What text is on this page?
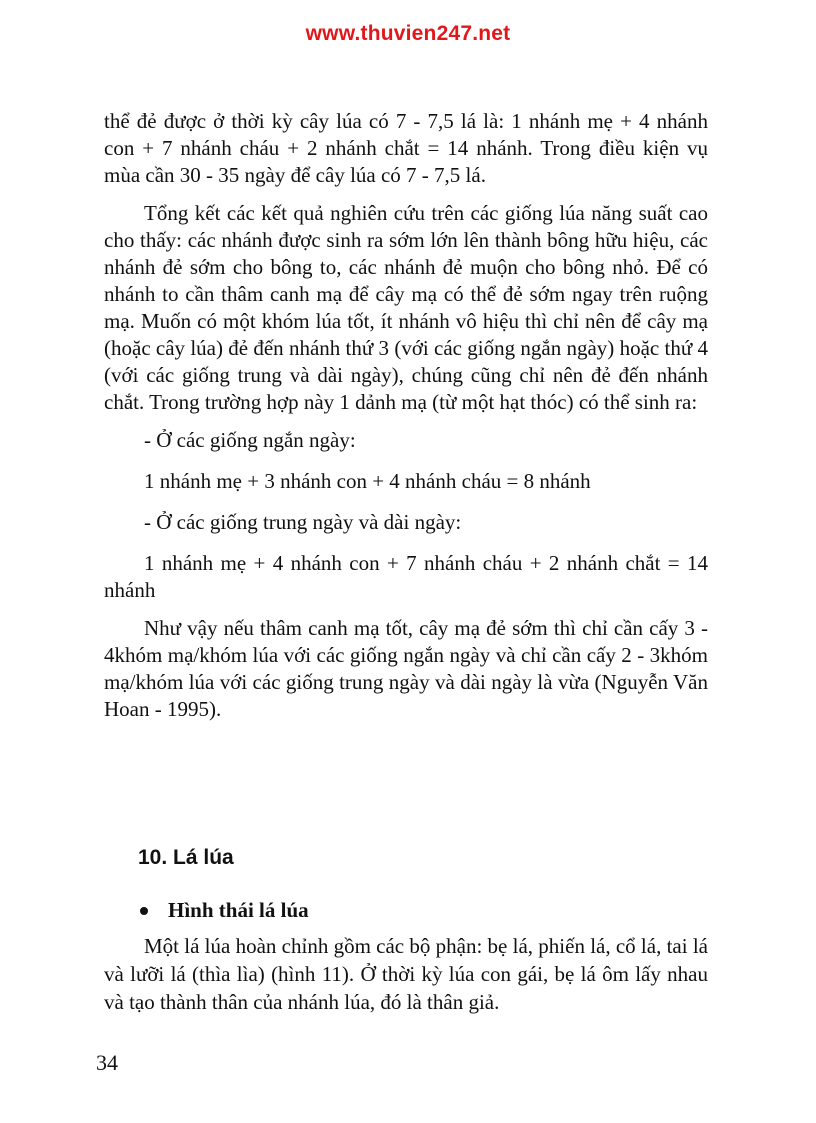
www.thuvien247.net

thể đẻ được ở thời kỳ cây lúa có 7 - 7,5 lá là: 1 nhánh mẹ + 4 nhánh con + 7 nhánh cháu + 2 nhánh chắt = 14 nhánh. Trong điều kiện vụ mùa cần 30 - 35 ngày để cây lúa có 7 - 7,5 lá.

Tổng kết các kết quả nghiên cứu trên các giống lúa năng suất cao cho thấy: các nhánh được sinh ra sớm lớn lên thành bông hữu hiệu, các nhánh đẻ sớm cho bông to, các nhánh đẻ muộn cho bông nhỏ. Để có nhánh to cần thâm canh mạ để cây mạ có thể đẻ sớm ngay trên ruộng mạ. Muốn có một khóm lúa tốt, ít nhánh vô hiệu thì chỉ nên để cây mạ (hoặc cây lúa) đẻ đến nhánh thứ 3 (với các giống ngắn ngày) hoặc thứ 4 (với các giống trung và dài ngày), chúng cũng chỉ nên đẻ đến nhánh chắt. Trong trường hợp này 1 dảnh mạ (từ một hạt thóc) có thể sinh ra:

- Ở các giống ngắn ngày:

1 nhánh mẹ + 3 nhánh con + 4 nhánh cháu = 8 nhánh

- Ở các giống trung ngày và dài ngày:

1 nhánh mẹ + 4 nhánh con + 7 nhánh cháu + 2 nhánh chắt = 14 nhánh

Như vậy nếu thâm canh mạ tốt, cây mạ đẻ sớm thì chỉ cần cấy 3 - 4khóm mạ/khóm lúa với các giống ngắn ngày và chỉ cần cấy 2 - 3khóm mạ/khóm lúa với các giống trung ngày và dài ngày là vừa (Nguyễn Văn Hoan - 1995).

10. Lá lúa
Hình thái lá lúa

Một lá lúa hoàn chỉnh gồm các bộ phận: bẹ lá, phiến lá, cổ lá, tai lá và lưỡi lá (thìa lìa) (hình 11). Ở thời kỳ lúa con gái, bẹ lá ôm lấy nhau và tạo thành thân của nhánh lúa, đó là thân giả.

34
